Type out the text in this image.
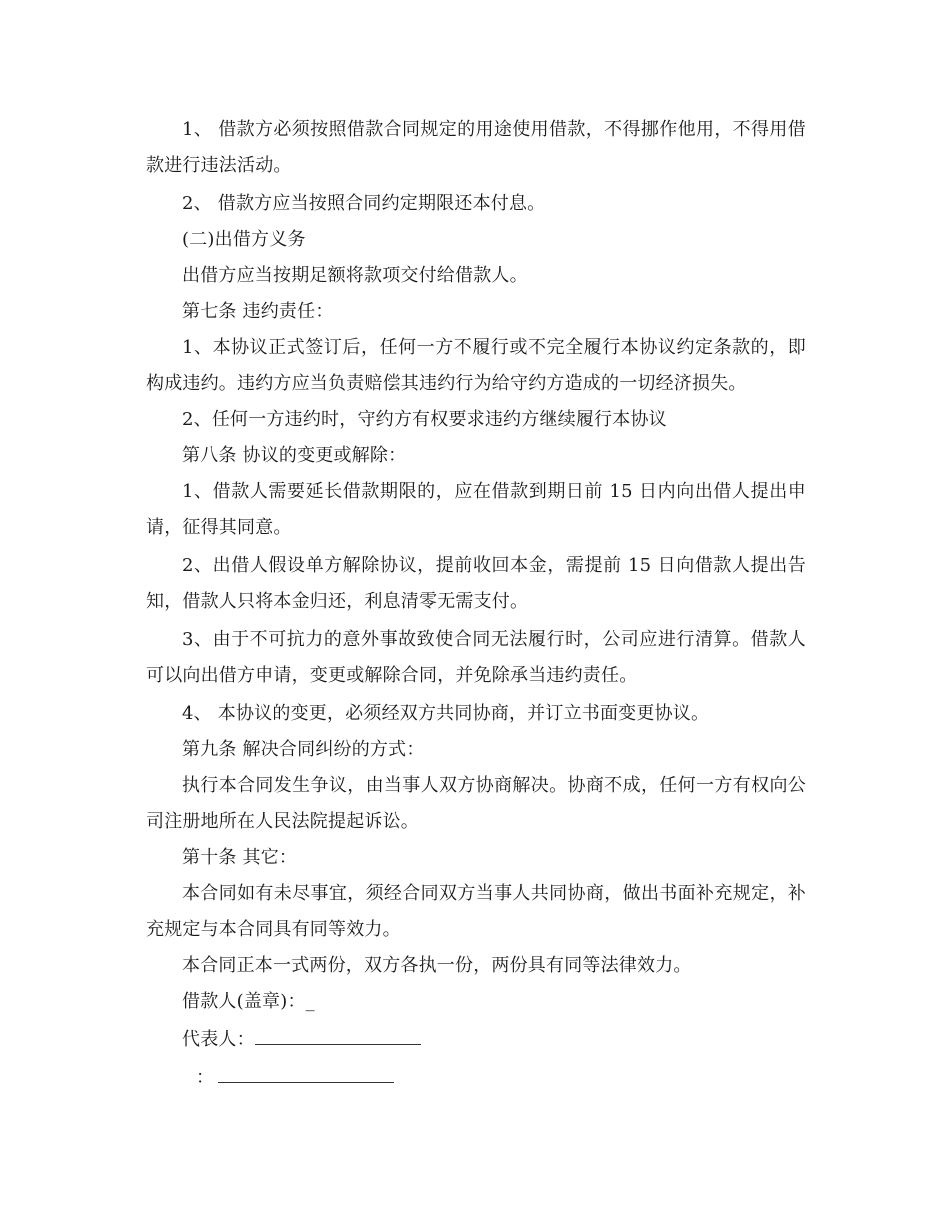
1、 借款方必须按照借款合同规定的用途使用借款，不得挪作他用，不得用借款进行违法活动。
2、 借款方应当按照合同约定期限还本付息。
(二)出借方义务
出借方应当按期足额将款项交付给借款人。
第七条 违约责任：
1、本协议正式签订后，任何一方不履行或不完全履行本协议约定条款的，即构成违约。违约方应当负责赔偿其违约行为给守约方造成的一切经济损失。
2、任何一方违约时，守约方有权要求违约方继续履行本协议
第八条 协议的变更或解除：
1、借款人需要延长借款期限的，应在借款到期日前 15 日内向出借人提出申请，征得其同意。
2、出借人假设单方解除协议，提前收回本金，需提前 15 日向借款人提出告知，借款人只将本金归还，利息清零无需支付。
3、由于不可抗力的意外事故致使合同无法履行时，公司应进行清算。借款人可以向出借方申请，变更或解除合同，并免除承当违约责任。
4、 本协议的变更，必须经双方共同协商，并订立书面变更协议。
第九条 解决合同纠纷的方式：
执行本合同发生争议，由当事人双方协商解决。协商不成，任何一方有权向公司注册地所在人民法院提起诉讼。
第十条 其它：
本合同如有未尽事宜，须经合同双方当事人共同协商，做出书面补充规定，补充规定与本合同具有同等效力。
本合同正本一式两份，双方各执一份，两份具有同等法律效力。
借款人(盖章)：_
代表人：
：
